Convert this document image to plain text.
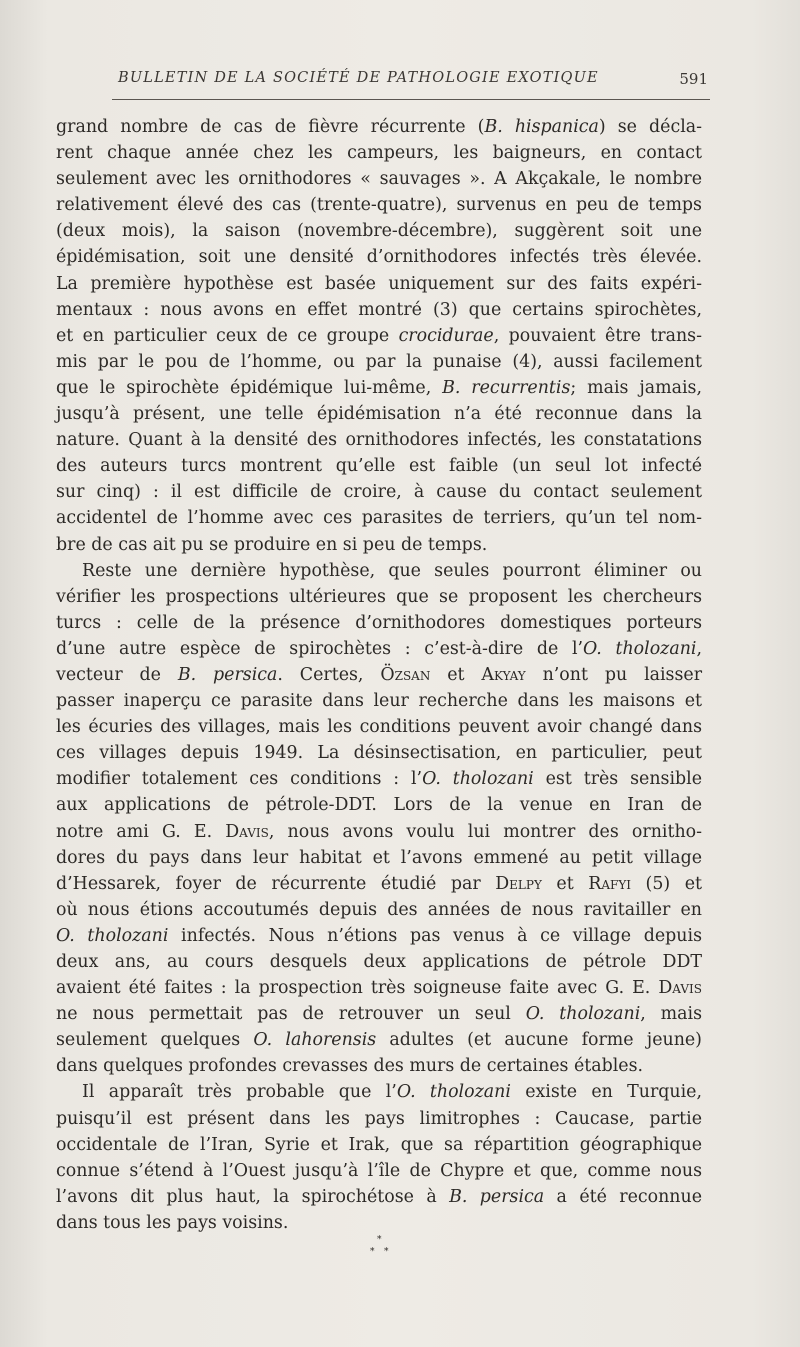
BULLETIN DE LA SOCIÉTÉ DE PATHOLOGIE EXOTIQUE	591
grand nombre de cas de fièvre récurrente (B. hispanica) se décla-
rent chaque année chez les campeurs, les baigneurs, en contact
seulement avec les ornithodores « sauvages ». A Akçakale, le nombre
relativement élevé des cas (trente-quatre), survenus en peu de temps
(deux mois), la saison (novembre-décembre), suggèrent soit une
épidémisation, soit une densité d’ornithodores infectés très élevée.
La première hypothèse est basée uniquement sur des faits expéri-
mentaux : nous avons en effet montré (3) que certains spirochètes,
et en particulier ceux de ce groupe crocidurae, pouvaient être trans-
mis par le pou de l’homme, ou par la punaise (4), aussi facilement
que le spirochète épidémique lui-même, B. recurrentis; mais jamais,
jusqu’à présent, une telle épidémisation n’a été reconnue dans la
nature. Quant à la densité des ornithodores infectés, les constatations
des auteurs turcs montrent qu’elle est faible (un seul lot infecté
sur cinq) : il est difficile de croire, à cause du contact seulement
accidentel de l’homme avec ces parasites de terriers, qu’un tel nom-
bre de cas ait pu se produire en si peu de temps.
Reste une dernière hypothèse, que seules pourront éliminer ou
vérifier les prospections ultérieures que se proposent les chercheurs
turcs : celle de la présence d’ornithodores domestiques porteurs
d’une autre espèce de spirochètes : c’est-à-dire de l’O. tholozani,
vecteur de B. persica. Certes, Özsan et Akyay n’ont pu laisser
passer inaperçu ce parasite dans leur recherche dans les maisons et
les écuries des villages, mais les conditions peuvent avoir changé dans
ces villages depuis 1949. La désinsectisation, en particulier, peut
modifier totalement ces conditions : l’O. tholozani est très sensible
aux applications de pétrole-DDT. Lors de la venue en Iran de
notre ami G. E. Davis, nous avons voulu lui montrer des ornitho-
dores du pays dans leur habitat et l’avons emmené au petit village
d’Hessarek, foyer de récurrente étudié par Delpy et Rafyi (5) et
où nous étions accoutumés depuis des années de nous ravitailler en
O. tholozani infectés. Nous n’étions pas venus à ce village depuis
deux ans, au cours desquels deux applications de pétrole DDT
avaient été faites : la prospection très soigneuse faite avec G. E. Davis
ne nous permettait pas de retrouver un seul O. tholozani, mais
seulement quelques O. lahorensis adultes (et aucune forme jeune)
dans quelques profondes crevasses des murs de certaines étables.
Il apparaît très probable que l’O. tholozani existe en Turquie,
puisqu’il est présent dans les pays limitrophes : Caucase, partie
occidentale de l’Iran, Syrie et Irak, que sa répartition géographique
connue s’étend à l’Ouest jusqu’à l’île de Chypre et que, comme nous
l’avons dit plus haut, la spirochétose à B. persica a été reconnue
dans tous les pays voisins.
*
* *
